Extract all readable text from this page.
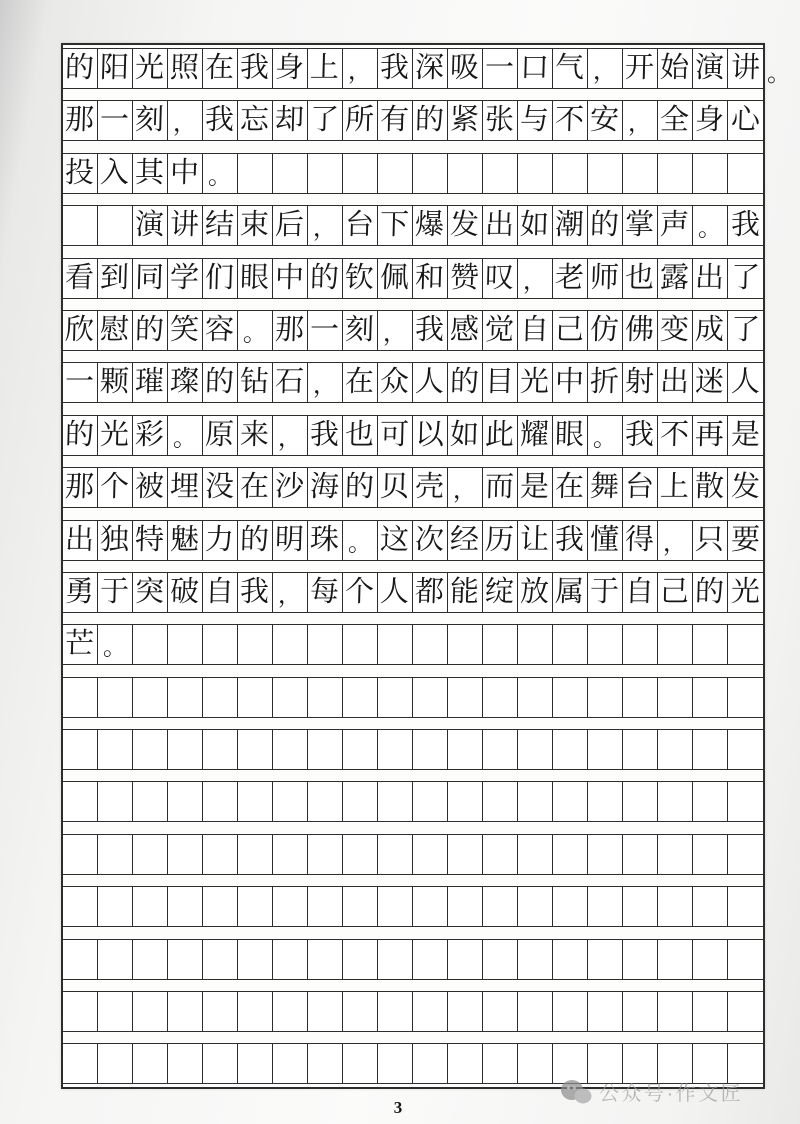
的 阳 光 照 在 我 身 上 ， 我 深 吸 一 口 气 ， 开 始 演 讲
那 一 刻 ， 我 忘 却 了 所 有 的 紧 张 与 不 安 ， 全 身 心
投 入 其 中 。
演 讲 结 束 后 ， 台 下 爆 发 出 如 潮 的 掌 声 。 我
看 到 同 学 们 眼 中 的 钦 佩 和 赞 叹 ， 老 师 也 露 出 了
欣 慰 的 笑 容 。 那 一 刻 ， 我 感 觉 自 己 仿 佛 变 成 了
一 颗 璀 璨 的 钻 石 ， 在 众 人 的 目 光 中 折 射 出 迷 人
的 光 彩 。 原 来 ， 我 也 可 以 如 此 耀 眼 。 我 不 再 是
那 个 被 埋 没 在 沙 海 的 贝 壳 ， 而 是 在 舞 台 上 散 发
出 独 特 魅 力 的 明 珠 。 这 次 经 历 让 我 懂 得 ， 只 要
勇 于 突 破 自 我 ， 每 个 人 都 能 绽 放 属 于 自 己 的 光
芒 。
。
3
公众号·作文匠
